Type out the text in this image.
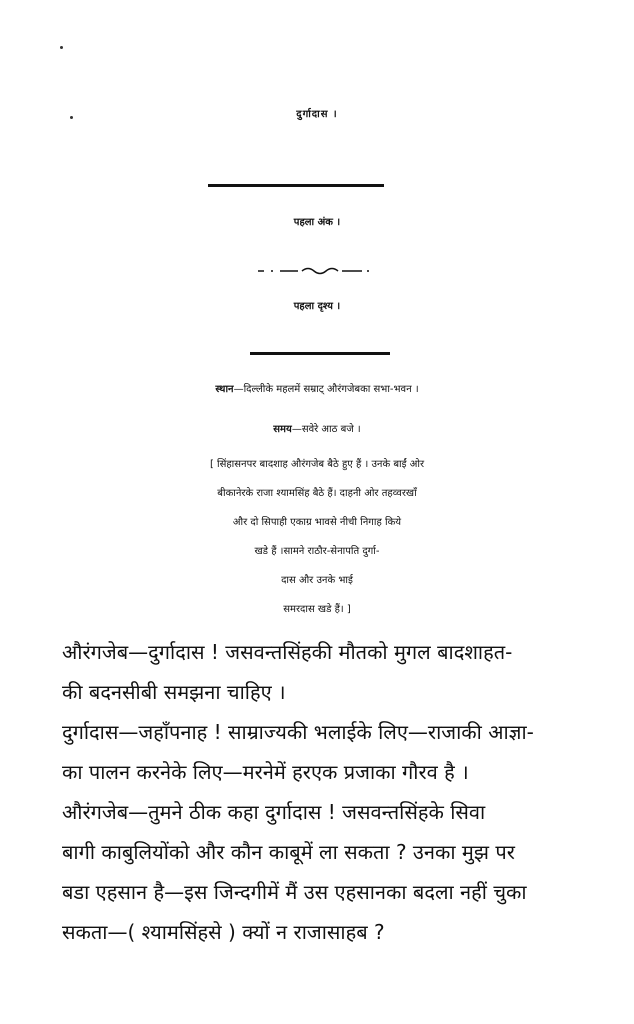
दुर्गादास ।
पहला अंक ।
पहला दृश्य ।
स्थान—दिल्लीके महलमें सम्राट् औरंगजेबका सभा-भवन ।
समय—सवेरे आठ बजे ।
[ सिंहासनपर बादशाह औरंगजेब बैठे हुए हैं । उनके बाईं ओर
बीकानेरके राजा श्यामसिंह बैठे हैं। दाहनी ओर तहव्वरखाँ
और दो सिपाही एकाग्र भावसे नीची निगाह किये
खडे हैं ।सामने राठौर-सेनापति दुर्गा-
दास और उनके भाई
समरदास खडे हैं। ]
औरंगजेब—दुर्गादास ! जसवन्तसिंहकी मौतको मुगल बादशाहत-
की बदनसीबी समझना चाहिए ।
दुर्गादास—जहाँपनाह ! साम्राज्यकी भलाईके लिए—राजाकी आज्ञा-
का पालन करनेके लिए—मरनेमें हरएक प्रजाका गौरव है ।
औरंगजेब—तुमने ठीक कहा दुर्गादास ! जसवन्तसिंहके सिवा
बागी काबुलियोंको और कौन काबूमें ला सकता ? उनका मुझ पर
बडा एहसान है—इस जिन्दगीमें मैं उस एहसानका बदला नहीं चुका
सकता—( श्यामसिंहसे ) क्यों न राजासाहब ?
